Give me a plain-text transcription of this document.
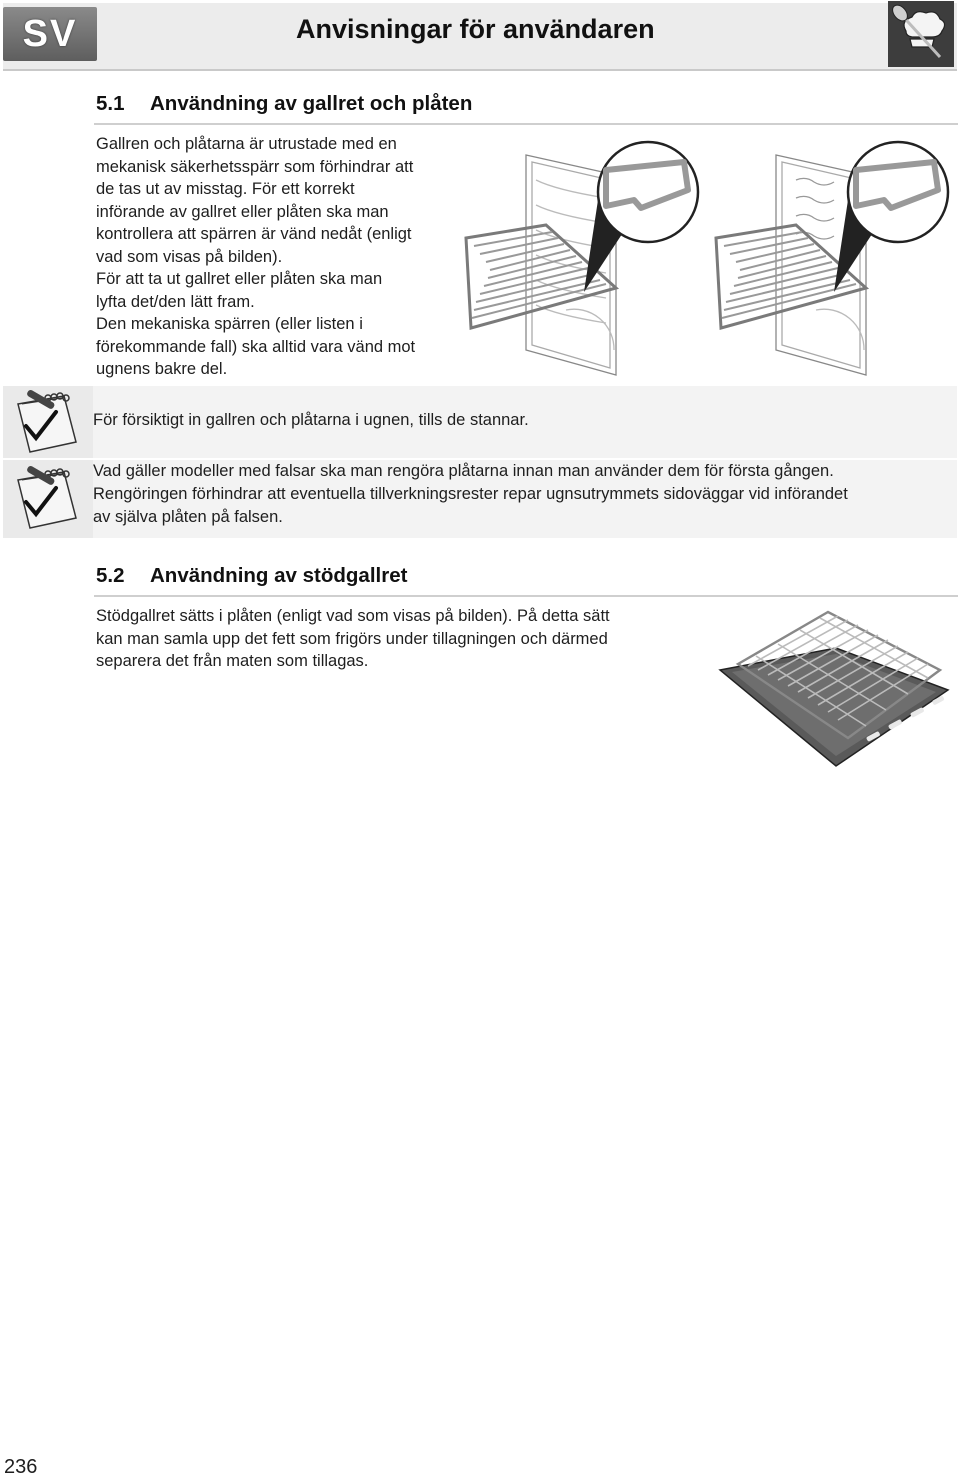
SV	Anvisningar för användaren
5.1 Användning av gallret och plåten
Gallren och plåtarna är utrustade med en
mekanisk säkerhetsspärr som förhindrar att
de tas ut av misstag. För ett korrekt
införande av gallret eller plåten ska man
kontrollera att spärren är vänd nedåt (enligt
vad som visas på bilden).
För att ta ut gallret eller plåten ska man
lyfta det/den lätt fram.
Den mekaniska spärren (eller listen i
förekommande fall) ska alltid vara vänd mot
ugnens bakre del.
För försiktigt in gallren och plåtarna i ugnen, tills de stannar.
Vad gäller modeller med falsar ska man rengöra plåtarna innan man använder dem för första gången.
Rengöringen förhindrar att eventuella tillverkningsrester repar ugnsutrymmets sidoväggar vid införandet
av själva plåten på falsen.
5.2 Användning av stödgallret
Stödgallret sätts i plåten (enligt vad som visas på bilden). På detta sätt
kan man samla upp det fett som frigörs under tillagningen och därmed
separera det från maten som tillagas.
236
